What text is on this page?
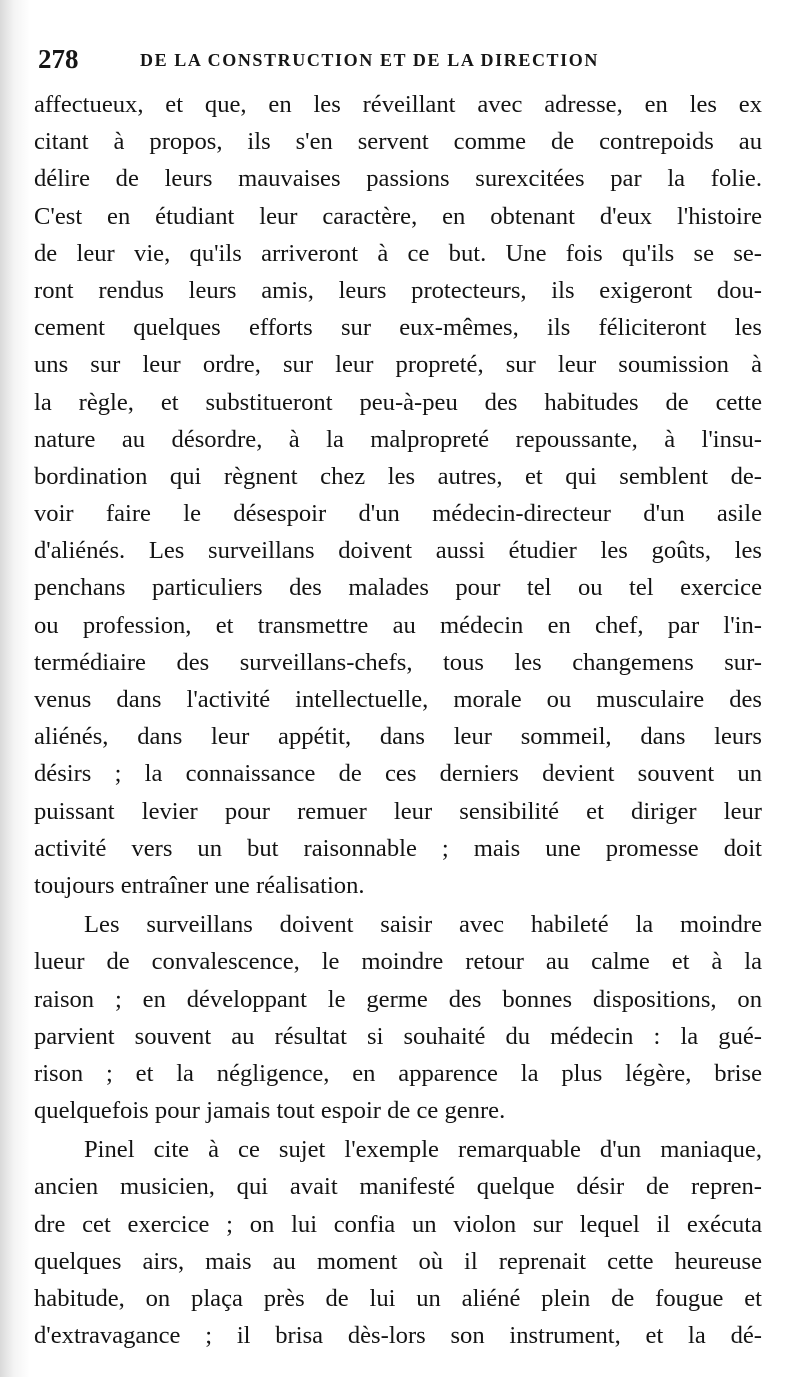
278	DE LA CONSTRUCTION ET DE LA DIRECTION
affectueux, et que, en les réveillant avec adresse, en les ex
citant à propos, ils s'en servent comme de contrepoids au
délire de leurs mauvaises passions surexcitées par la folie.
C'est en étudiant leur caractère, en obtenant d'eux l'histoire
de leur vie, qu'ils arriveront à ce but. Une fois qu'ils se se-
ront rendus leurs amis, leurs protecteurs, ils exigeront dou-
cement quelques efforts sur eux-mêmes, ils féliciteront les
uns sur leur ordre, sur leur propreté, sur leur soumission à
la règle, et substitueront peu-à-peu des habitudes de cette
nature au désordre, à la malpropreté repoussante, à l'insu-
bordination qui règnent chez les autres, et qui semblent de-
voir faire le désespoir d'un médecin-directeur d'un asile
d'aliénés. Les surveillans doivent aussi étudier les goûts, les
penchans particuliers des malades pour tel ou tel exercice
ou profession, et transmettre au médecin en chef, par l'in-
termédiaire des surveillans-chefs, tous les changemens sur-
venus dans l'activité intellectuelle, morale ou musculaire des
aliénés, dans leur appétit, dans leur sommeil, dans leurs
désirs ; la connaissance de ces derniers devient souvent un
puissant levier pour remuer leur sensibilité et diriger leur
activité vers un but raisonnable ; mais une promesse doit
toujours entraîner une réalisation.
Les surveillans doivent saisir avec habileté la moindre
lueur de convalescence, le moindre retour au calme et à la
raison ; en développant le germe des bonnes dispositions, on
parvient souvent au résultat si souhaité du médecin : la gué-
rison ; et la négligence, en apparence la plus légère, brise
quelquefois pour jamais tout espoir de ce genre.
Pinel cite à ce sujet l'exemple remarquable d'un maniaque,
ancien musicien, qui avait manifesté quelque désir de repren-
dre cet exercice ; on lui confia un violon sur lequel il exécuta
quelques airs, mais au moment où il reprenait cette heureuse
habitude, on plaça près de lui un aliéné plein de fougue et
d'extravagance ; il brisa dès-lors son instrument, et la dé-
